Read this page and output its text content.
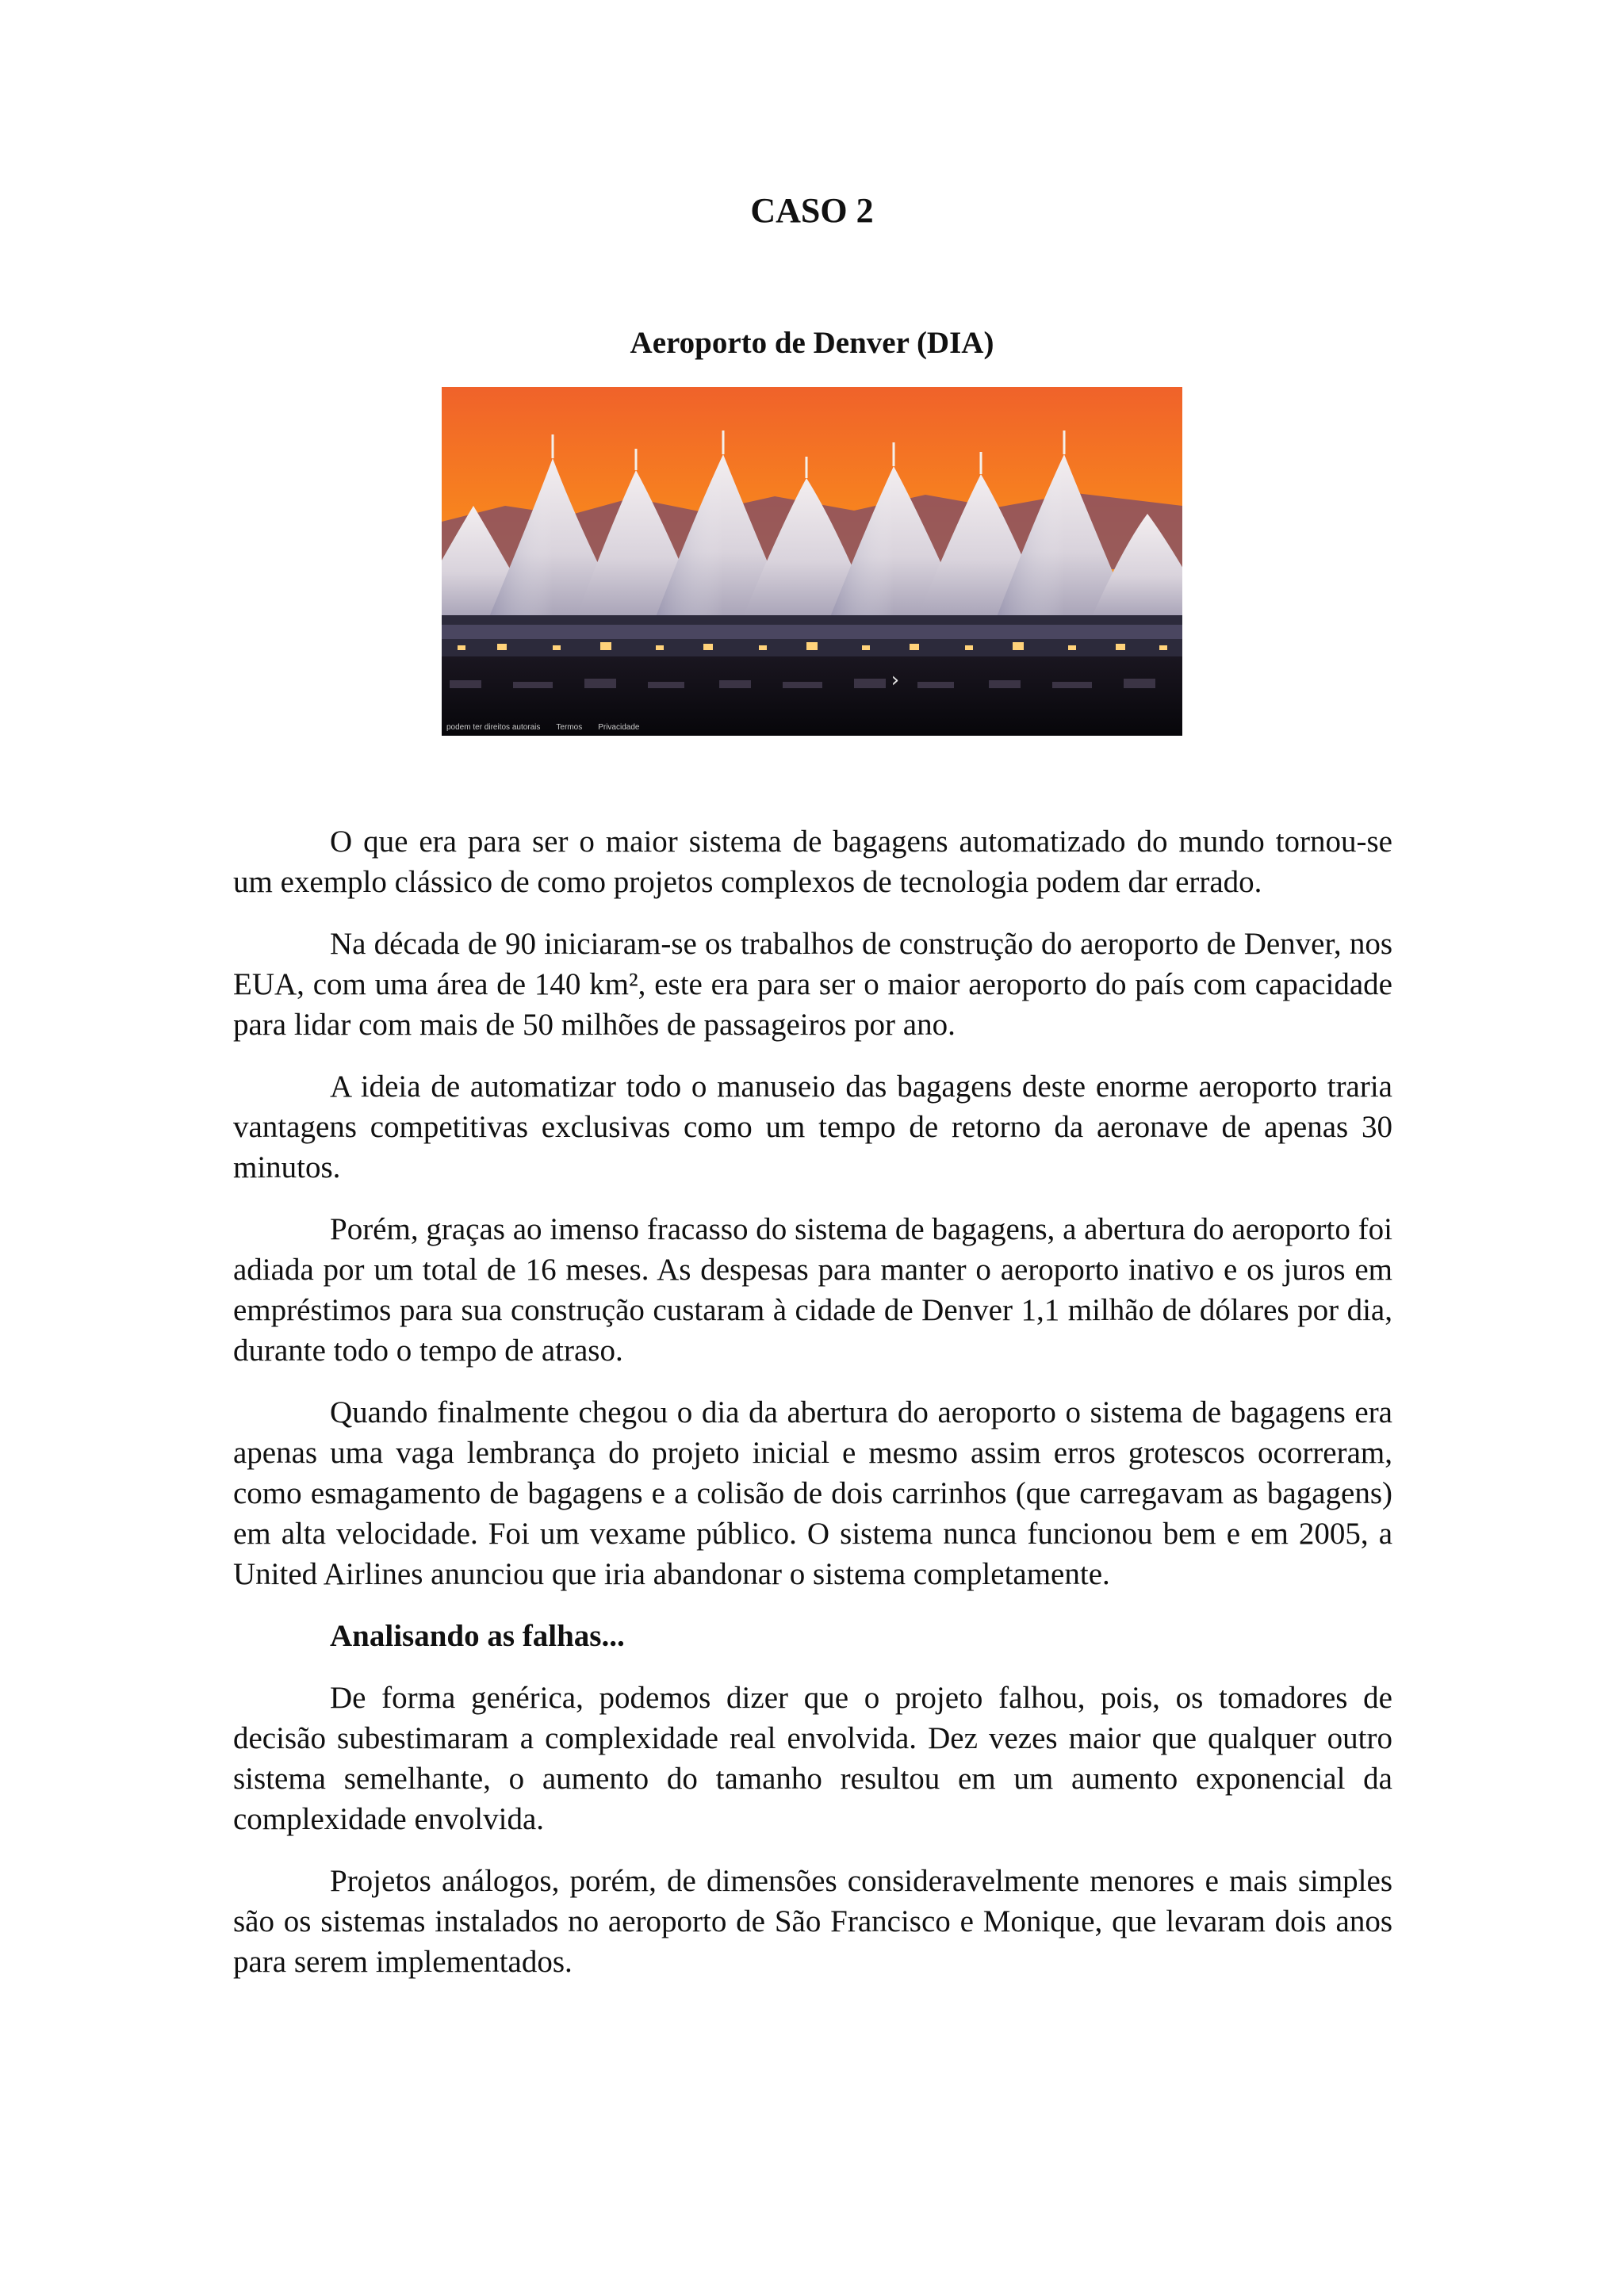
CASO 2
Aeroporto de Denver (DIA)
podem ter direitos autorais Termos Privacidade
›

O que era para ser o maior sistema de bagagens automatizado do mundo tornou-se um exemplo clássico de como projetos complexos de tecnologia podem dar errado.

Na década de 90 iniciaram-se os trabalhos de construção do aeroporto de Denver, nos EUA, com uma área de 140 km², este era para ser o maior aeroporto do país com capacidade para lidar com mais de 50 milhões de passageiros por ano.

A ideia de automatizar todo o manuseio das bagagens deste enorme aeroporto traria vantagens competitivas exclusivas como um tempo de retorno da aeronave de apenas 30 minutos.

Porém, graças ao imenso fracasso do sistema de bagagens, a abertura do aeroporto foi adiada por um total de 16 meses. As despesas para manter o aeroporto inativo e os juros em empréstimos para sua construção custaram à cidade de Denver 1,1 milhão de dólares por dia, durante todo o tempo de atraso.

Quando finalmente chegou o dia da abertura do aeroporto o sistema de bagagens era apenas uma vaga lembrança do projeto inicial e mesmo assim erros grotescos ocorreram, como esmagamento de bagagens e a colisão de dois carrinhos (que carregavam as bagagens) em alta velocidade. Foi um vexame público. O sistema nunca funcionou bem e em 2005, a United Airlines anunciou que iria abandonar o sistema completamente.

Analisando as falhas...

De forma genérica, podemos dizer que o projeto falhou, pois, os tomadores de decisão subestimaram a complexidade real envolvida. Dez vezes maior que qualquer outro sistema semelhante, o aumento do tamanho resultou em um aumento exponencial da complexidade envolvida.

Projetos análogos, porém, de dimensões consideravelmente menores e mais simples são os sistemas instalados no aeroporto de São Francisco e Monique, que levaram dois anos para serem implementados.
